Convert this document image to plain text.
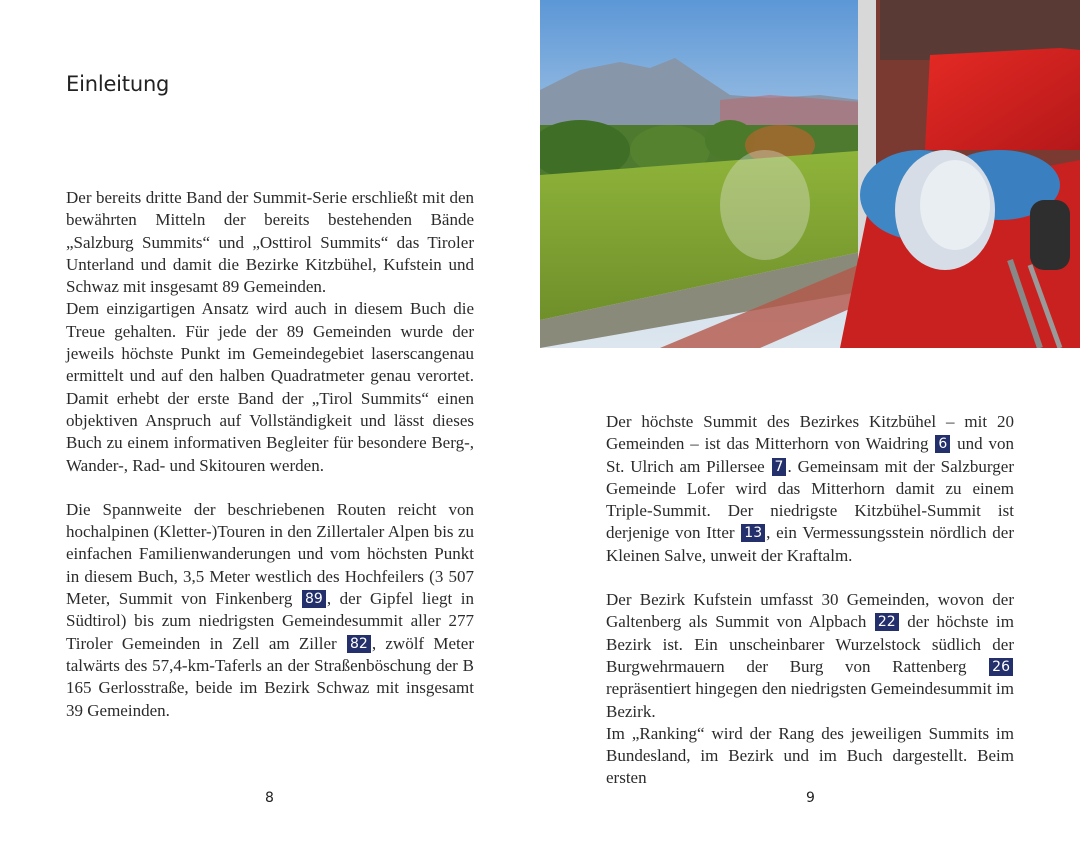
Einleitung

Der bereits dritte Band der Summit-Serie erschließt mit den bewährten Mitteln der bereits bestehenden Bände „Salzburg Summits“ und „Osttirol Summits“ das Tiroler Unterland und damit die Bezirke Kitzbühel, Kufstein und Schwaz mit insgesamt 89 Gemeinden.

Dem einzigartigen Ansatz wird auch in diesem Buch die Treue gehalten. Für jede der 89 Gemeinden wurde der jeweils höchste Punkt im Gemeindegebiet laserscangenau ermittelt und auf den halben Quadratmeter genau verortet. Damit erhebt der erste Band der „Tirol Summits“ einen objektiven Anspruch auf Vollständigkeit und lässt dieses Buch zu einem informativen Begleiter für besondere Berg-, Wander-, Rad- und Skitouren werden.

Die Spannweite der beschriebenen Routen reicht von hochalpinen (Kletter-)Touren in den Zillertaler Alpen bis zu einfachen Familienwanderungen und vom höchsten Punkt in diesem Buch, 3,5 Meter westlich des Hochfeilers (3 507 Meter, Summit von Finkenberg 89 , der Gipfel liegt in Südtirol) bis zum niedrigsten Gemeindesummit aller 277 Tiroler Gemeinden in Zell am Ziller 82 , zwölf Meter talwärts des 57,4-km-Taferls an der Straßenböschung der B 165 Gerlosstraße, beide im Bezirk Schwaz mit insgesamt 39 Gemeinden.

8

Der höchste Summit des Bezirkes Kitzbühel – mit 20 Gemeinden – ist das Mitterhorn von Waidring 6 und von St. Ulrich am Pillersee 7 . Gemeinsam mit der Salzburger Gemeinde Lofer wird das Mitterhorn damit zu einem Triple-Summit. Der niedrigste Kitzbühel-Summit ist derjenige von Itter 13 , ein Vermessungsstein nördlich der Kleinen Salve, unweit der Kraftalm.

Der Bezirk Kufstein umfasst 30 Gemeinden, wovon der Galtenberg als Summit von Alpbach 22 der höchste im Bezirk ist. Ein unscheinbarer Wurzelstock südlich der Burgwehrmauern der Burg von Rattenberg 26 repräsentiert hingegen den niedrigsten Gemeindesummit im Bezirk.

Im „Ranking“ wird der Rang des jeweiligen Summits im Bundesland, im Bezirk und im Buch dargestellt. Beim ersten

9
